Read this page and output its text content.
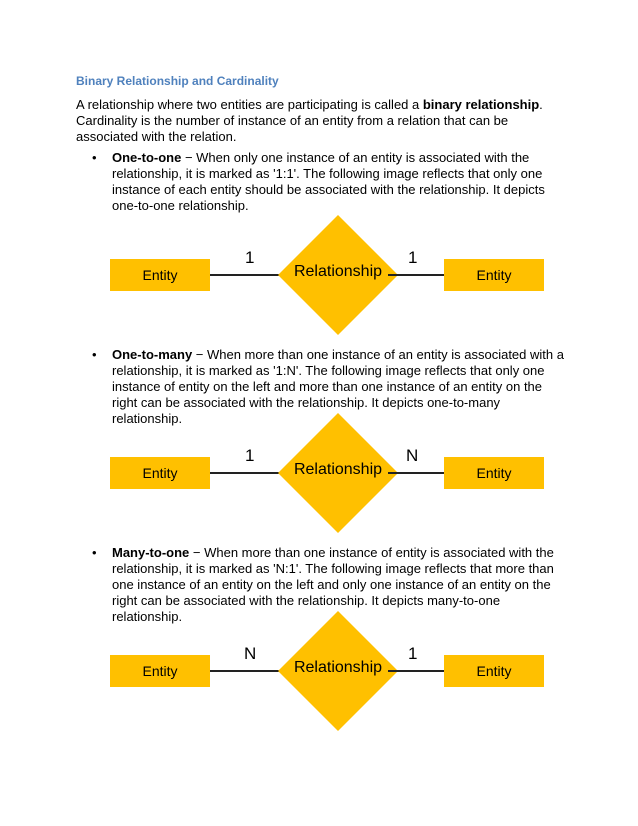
Binary Relationship and Cardinality
A relationship where two entities are participating is called a binary relationship. Cardinality is the number of instance of an entity from a relation that can be associated with the relation.
•	One-to-one − When only one instance of an entity is associated with the relationship, it is marked as '1:1'. The following image reflects that only one instance of each entity should be associated with the relationship. It depicts one-to-one relationship.
Entity
1
Relationship
1
Entity
•	One-to-many − When more than one instance of an entity is associated with a relationship, it is marked as '1:N'. The following image reflects that only one instance of entity on the left and more than one instance of an entity on the right can be associated with the relationship. It depicts one-to-many relationship.
Entity
1
Relationship
N
Entity
•	Many-to-one − When more than one instance of entity is associated with the relationship, it is marked as 'N:1'. The following image reflects that more than one instance of an entity on the left and only one instance of an entity on the right can be associated with the relationship. It depicts many-to-one relationship.
Entity
N
Relationship
1
Entity
